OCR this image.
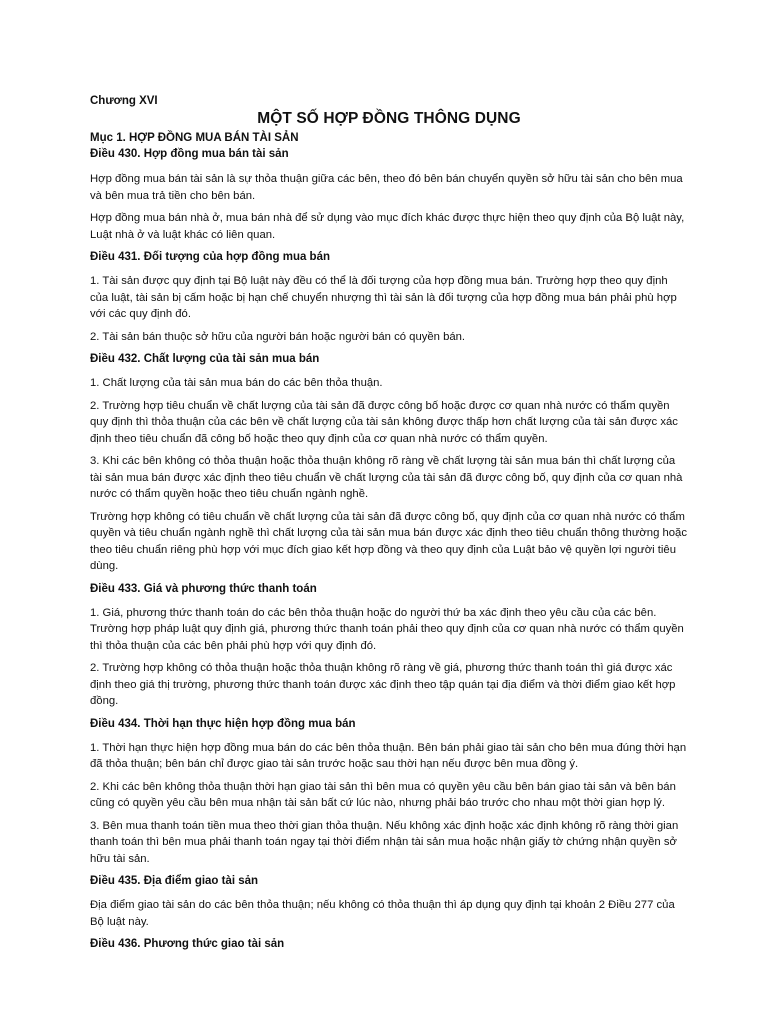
Chương XVI

MỘT SỐ HỢP ĐỒNG THÔNG DỤNG

Mục 1. HỢP ĐỒNG MUA BÁN TÀI SẢN

Điều 430. Hợp đồng mua bán tài sản

Hợp đồng mua bán tài sản là sự thỏa thuận giữa các bên, theo đó bên bán chuyển quyền sở hữu tài sản cho bên mua và bên mua trả tiền cho bên bán.

Hợp đồng mua bán nhà ở, mua bán nhà để sử dụng vào mục đích khác được thực hiện theo quy định của Bộ luật này, Luật nhà ở và luật khác có liên quan.

Điều 431. Đối tượng của hợp đồng mua bán

1. Tài sản được quy định tại Bộ luật này đều có thể là đối tượng của hợp đồng mua bán. Trường hợp theo quy định của luật, tài sản bị cấm hoặc bị hạn chế chuyển nhượng thì tài sản là đối tượng của hợp đồng mua bán phải phù hợp với các quy định đó.

2. Tài sản bán thuộc sở hữu của người bán hoặc người bán có quyền bán.

Điều 432. Chất lượng của tài sản mua bán

1. Chất lượng của tài sản mua bán do các bên thỏa thuận.

2. Trường hợp tiêu chuẩn về chất lượng của tài sản đã được công bố hoặc được cơ quan nhà nước có thẩm quyền quy định thì thỏa thuận của các bên về chất lượng của tài sản không được thấp hơn chất lượng của tài sản được xác định theo tiêu chuẩn đã công bố hoặc theo quy định của cơ quan nhà nước có thẩm quyền.

3. Khi các bên không có thỏa thuận hoặc thỏa thuận không rõ ràng về chất lượng tài sản mua bán thì chất lượng của tài sản mua bán được xác định theo tiêu chuẩn về chất lượng của tài sản đã được công bố, quy định của cơ quan nhà nước có thẩm quyền hoặc theo tiêu chuẩn ngành nghề.

Trường hợp không có tiêu chuẩn về chất lượng của tài sản đã được công bố, quy định của cơ quan nhà nước có thẩm quyền và tiêu chuẩn ngành nghề thì chất lượng của tài sản mua bán được xác định theo tiêu chuẩn thông thường hoặc theo tiêu chuẩn riêng phù hợp với mục đích giao kết hợp đồng và theo quy định của Luật bảo vệ quyền lợi người tiêu dùng.

Điều 433. Giá và phương thức thanh toán

1. Giá, phương thức thanh toán do các bên thỏa thuận hoặc do người thứ ba xác định theo yêu cầu của các bên. Trường hợp pháp luật quy định giá, phương thức thanh toán phải theo quy định của cơ quan nhà nước có thẩm quyền thì thỏa thuận của các bên phải phù hợp với quy định đó.

2. Trường hợp không có thỏa thuận hoặc thỏa thuận không rõ ràng về giá, phương thức thanh toán thì giá được xác định theo giá thị trường, phương thức thanh toán được xác định theo tập quán tại địa điểm và thời điểm giao kết hợp đồng.

Điều 434. Thời hạn thực hiện hợp đồng mua bán

1. Thời hạn thực hiện hợp đồng mua bán do các bên thỏa thuận. Bên bán phải giao tài sản cho bên mua đúng thời hạn đã thỏa thuận; bên bán chỉ được giao tài sản trước hoặc sau thời hạn nếu được bên mua đồng ý.

2. Khi các bên không thỏa thuận thời hạn giao tài sản thì bên mua có quyền yêu cầu bên bán giao tài sản và bên bán cũng có quyền yêu cầu bên mua nhận tài sản bất cứ lúc nào, nhưng phải báo trước cho nhau một thời gian hợp lý.

3. Bên mua thanh toán tiền mua theo thời gian thỏa thuận. Nếu không xác định hoặc xác định không rõ ràng thời gian thanh toán thì bên mua phải thanh toán ngay tại thời điểm nhận tài sản mua hoặc nhận giấy tờ chứng nhận quyền sở hữu tài sản.

Điều 435. Địa điểm giao tài sản

Địa điểm giao tài sản do các bên thỏa thuận; nếu không có thỏa thuận thì áp dụng quy định tại khoản 2 Điều 277 của Bộ luật này.

Điều 436. Phương thức giao tài sản
